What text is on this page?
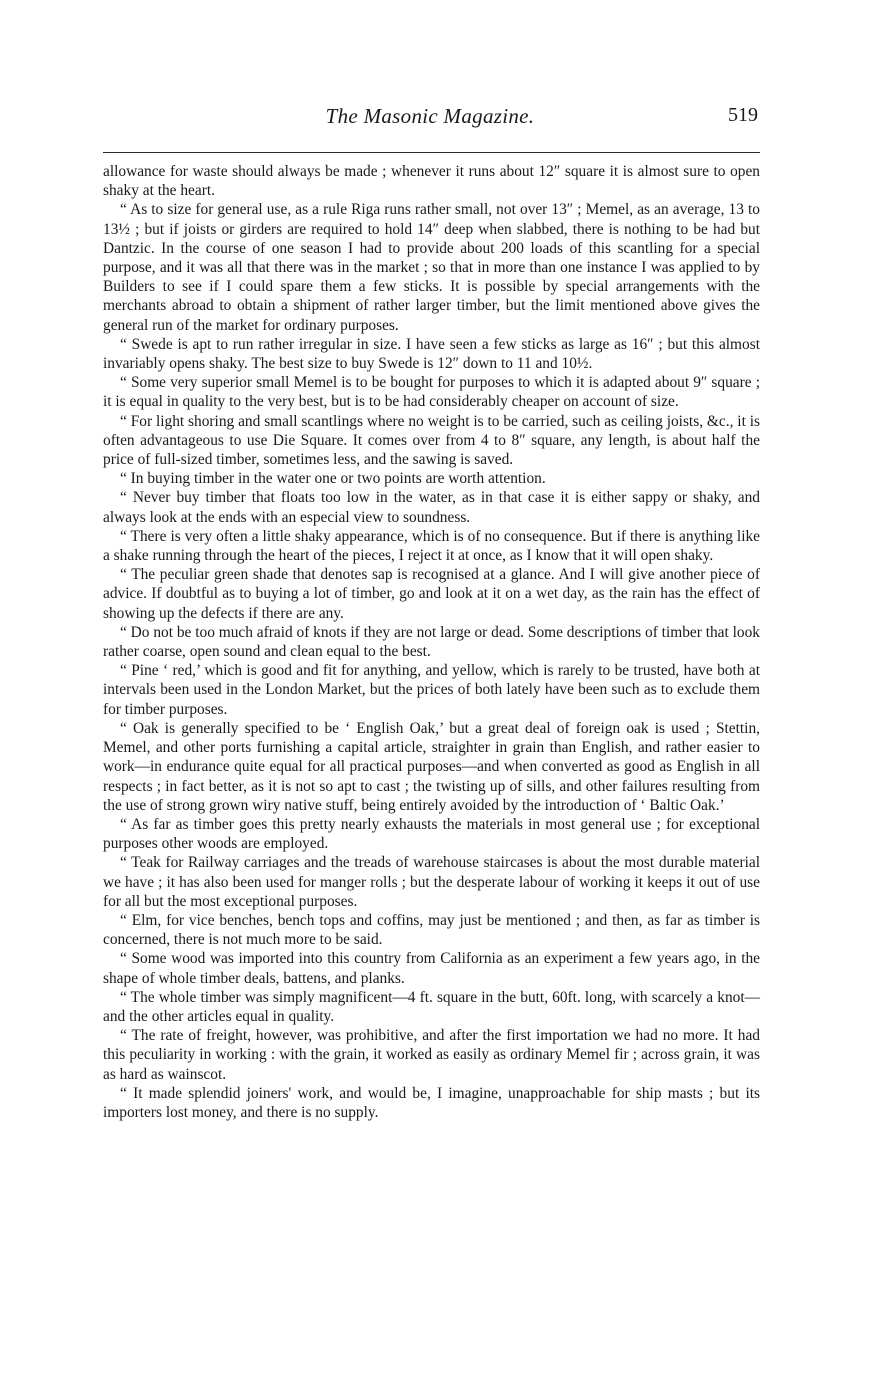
The Masonic Magazine.	519

allowance for waste should always be made ; whenever it runs about 12″ square it is almost sure to open shaky at the heart.

“ As to size for general use, as a rule Riga runs rather small, not over 13″ ; Memel, as an average, 13 to 13½ ; but if joists or girders are required to hold 14″ deep when slabbed, there is nothing to be had but Dantzic. In the course of one season I had to provide about 200 loads of this scantling for a special purpose, and it was all that there was in the market ; so that in more than one instance I was applied to by Builders to see if I could spare them a few sticks. It is possible by special arrangements with the merchants abroad to obtain a shipment of rather larger timber, but the limit mentioned above gives the general run of the market for ordinary purposes.

“ Swede is apt to run rather irregular in size. I have seen a few sticks as large as 16″ ; but this almost invariably opens shaky. The best size to buy Swede is 12″ down to 11 and 10½.

“ Some very superior small Memel is to be bought for purposes to which it is adapted about 9″ square ; it is equal in quality to the very best, but is to be had considerably cheaper on account of size.

“ For light shoring and small scantlings where no weight is to be carried, such as ceiling joists, &c., it is often advantageous to use Die Square. It comes over from 4 to 8″ square, any length, is about half the price of full-sized timber, sometimes less, and the sawing is saved.

“ In buying timber in the water one or two points are worth attention.

“ Never buy timber that floats too low in the water, as in that case it is either sappy or shaky, and always look at the ends with an especial view to soundness.

“ There is very often a little shaky appearance, which is of no consequence. But if there is anything like a shake running through the heart of the pieces, I reject it at once, as I know that it will open shaky.

“ The peculiar green shade that denotes sap is recognised at a glance. And I will give another piece of advice. If doubtful as to buying a lot of timber, go and look at it on a wet day, as the rain has the effect of showing up the defects if there are any.

“ Do not be too much afraid of knots if they are not large or dead. Some descriptions of timber that look rather coarse, open sound and clean equal to the best.

“ Pine ‘ red,’ which is good and fit for anything, and yellow, which is rarely to be trusted, have both at intervals been used in the London Market, but the prices of both lately have been such as to exclude them for timber purposes.

“ Oak is generally specified to be ‘ English Oak,’ but a great deal of foreign oak is used ; Stettin, Memel, and other ports furnishing a capital article, straighter in grain than English, and rather easier to work—in endurance quite equal for all practical purposes—and when converted as good as English in all respects ; in fact better, as it is not so apt to cast ; the twisting up of sills, and other failures resulting from the use of strong grown wiry native stuff, being entirely avoided by the introduction of ‘ Baltic Oak.’

“ As far as timber goes this pretty nearly exhausts the materials in most general use ; for exceptional purposes other woods are employed.

“ Teak for Railway carriages and the treads of warehouse staircases is about the most durable material we have ; it has also been used for manger rolls ; but the desperate labour of working it keeps it out of use for all but the most exceptional purposes.

“ Elm, for vice benches, bench tops and coffins, may just be mentioned ; and then, as far as timber is concerned, there is not much more to be said.

“ Some wood was imported into this country from California as an experiment a few years ago, in the shape of whole timber deals, battens, and planks.

“ The whole timber was simply magnificent—4 ft. square in the butt, 60ft. long, with scarcely a knot—and the other articles equal in quality.

“ The rate of freight, however, was prohibitive, and after the first importation we had no more. It had this peculiarity in working : with the grain, it worked as easily as ordinary Memel fir ; across grain, it was as hard as wainscot.

“ It made splendid joiners' work, and would be, I imagine, unapproachable for ship masts ; but its importers lost money, and there is no supply.
